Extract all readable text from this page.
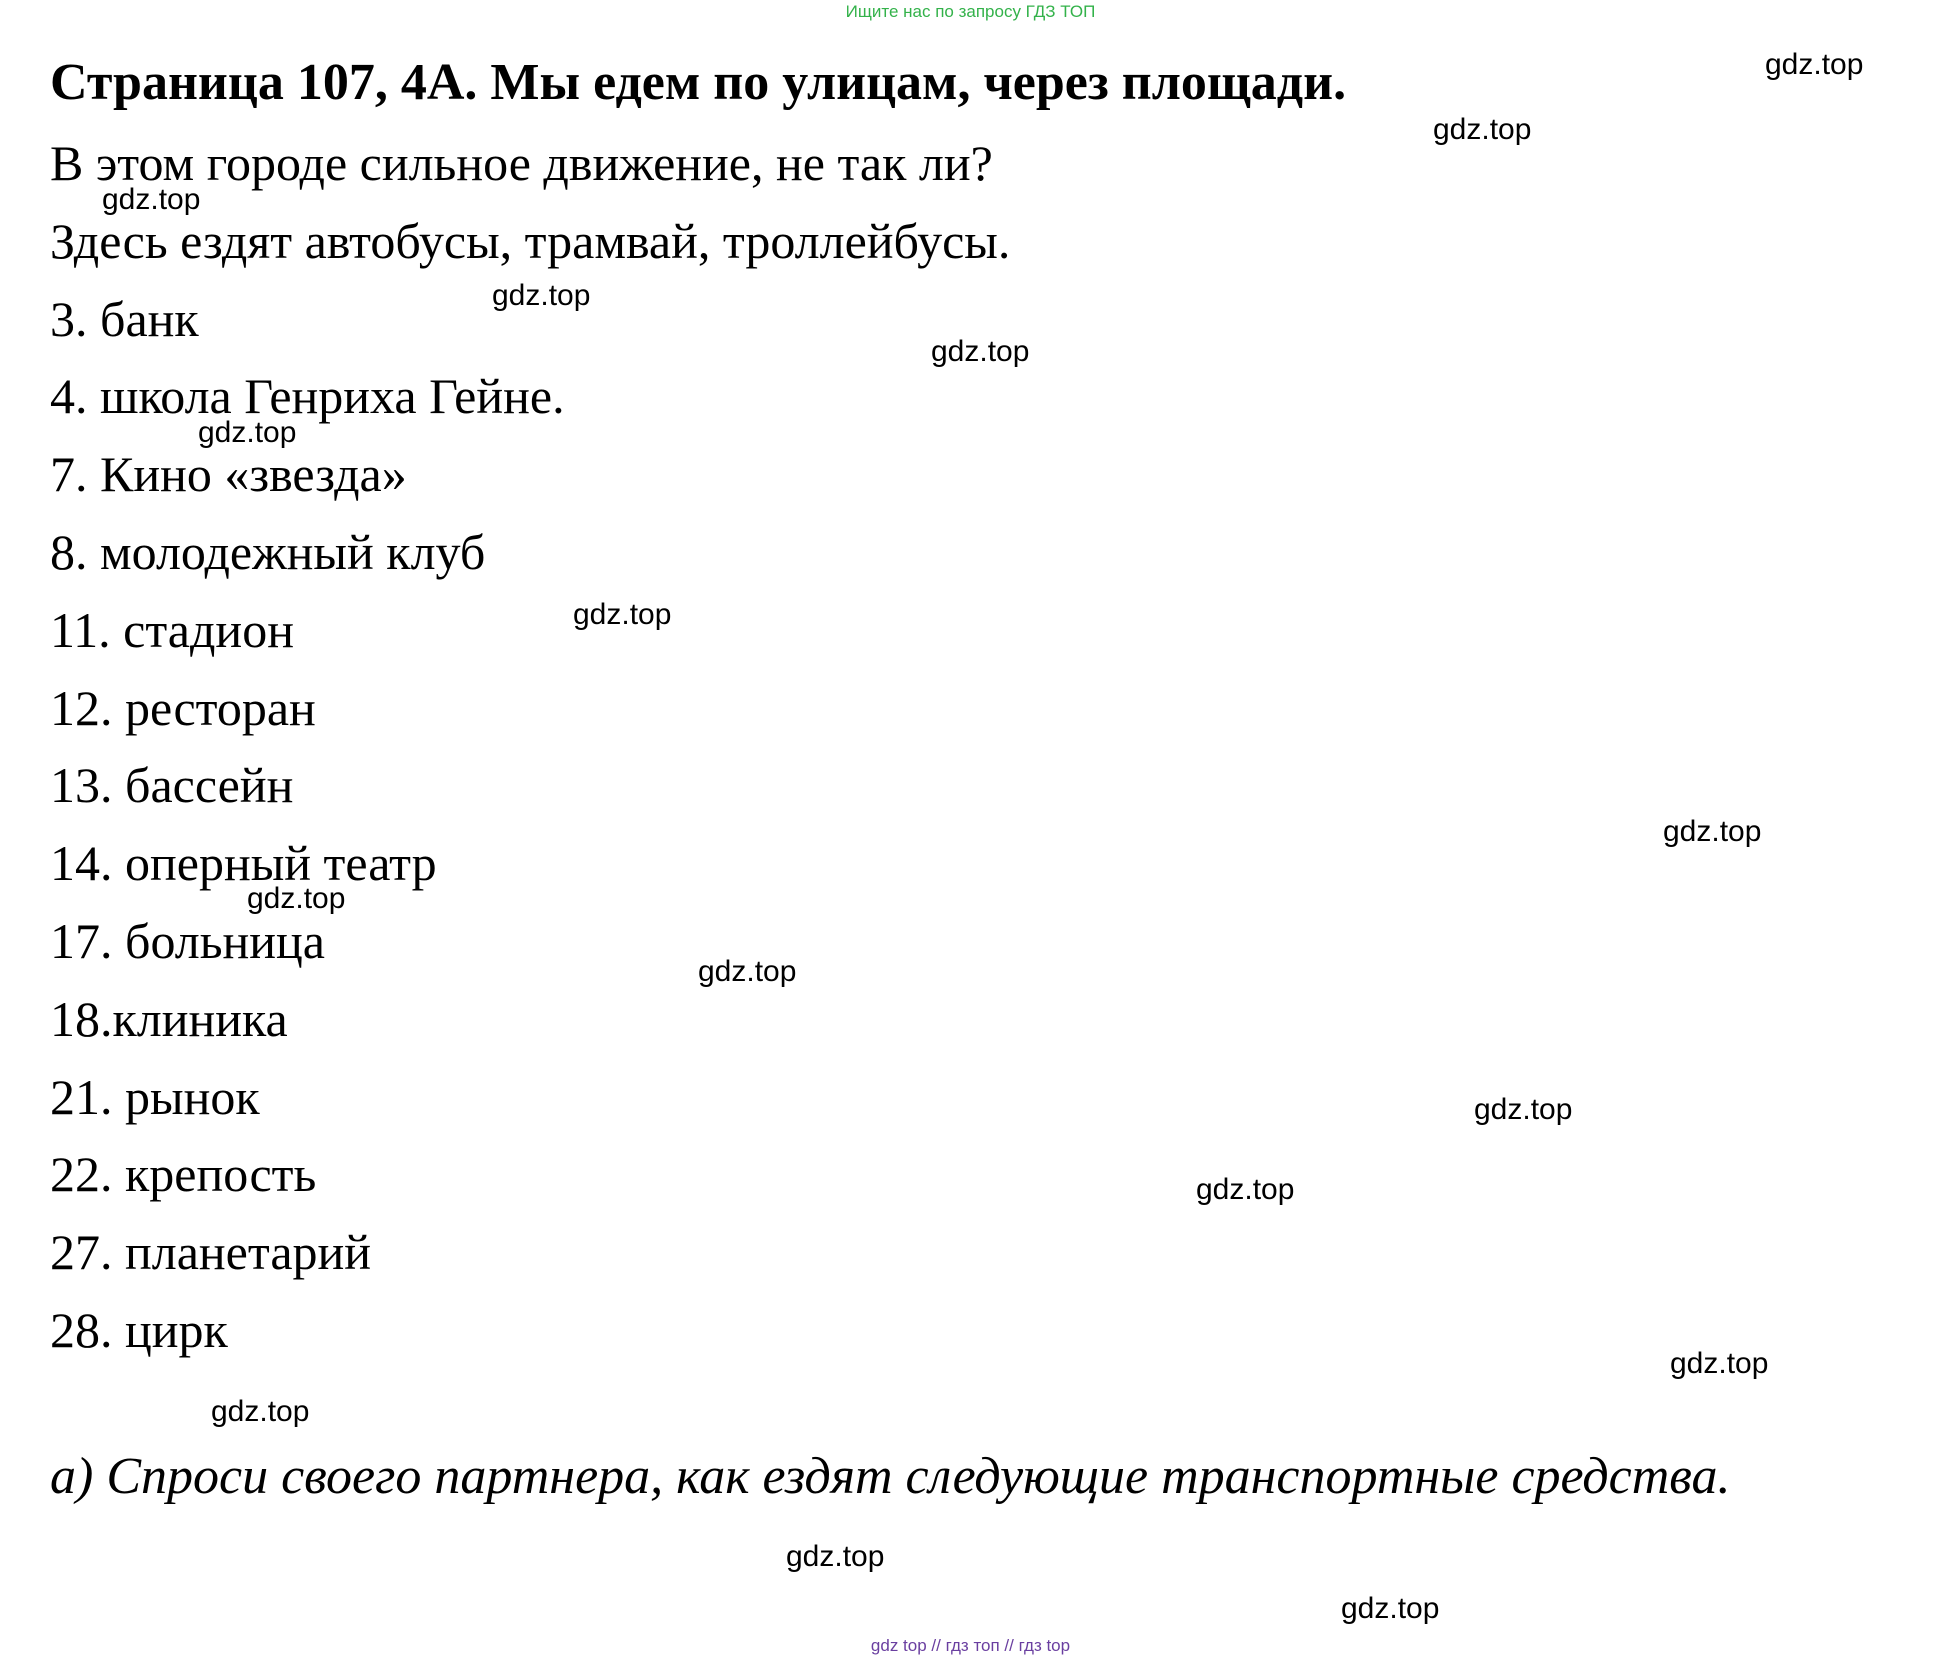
Ищите нас по запросу ГДЗ ТОП
Страница 107, 4А. Мы едем по улицам, через площади.
В этом городе сильное движение, не так ли?
Здесь ездят автобусы, трамвай, троллейбусы.
3. банк
4. школа Генриха Гейне.
7. Кино «звезда»
8. молодежный клуб
11. стадион
12. ресторан
13. бассейн
14. оперный театр
17. больница
18.клиника
21. рынок
22. крепость
27. планетарий
28. цирк

а) Спроси своего партнера, как ездят следующие транспортные средства.

gdz.top
gdz.top
gdz.top
gdz.top
gdz.top
gdz.top
gdz.top
gdz.top
gdz.top
gdz.top
gdz.top
gdz.top
gdz.top
gdz.top
gdz.top
gdz.top
gdz top // гдз топ // гдз top
